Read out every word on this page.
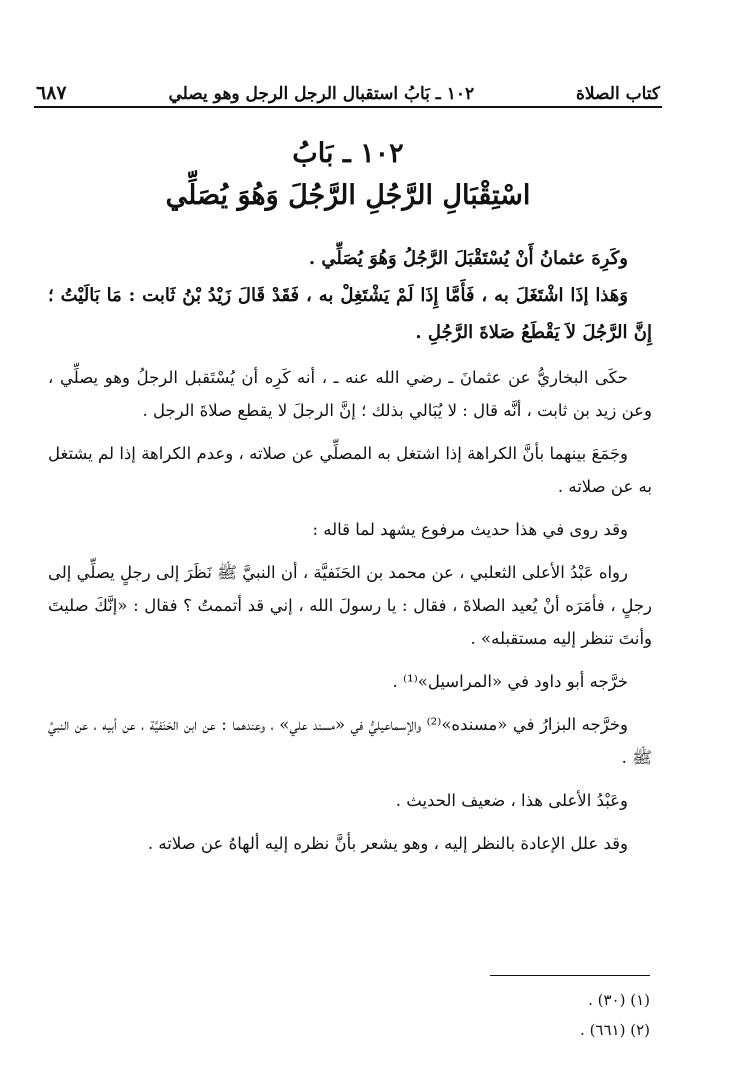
كتاب الصلاة
١٠٢ ـ بَابُ استقبال الرجل الرجل وهو يصلي
٦٨٧
١٠٢ ـ بَابُ
اسْتِقْبَالِ الرَّجُلِ الرَّجُلَ وَهُوَ يُصَلِّي

وكَرِهَ عثمانُ أَنْ يُسْتَقْبَلَ الرَّجُلُ وَهُوَ يُصَلِّي .

وَهَذا إذَا اشْتَغَلَ به ، فَأَمَّا إِذَا لَمْ يَشْتَغِلْ به ، فَقَدْ قَالَ زَيْدُ بْنُ ثَابت : مَا بَالَيْتُ ؛ إِنَّ الرَّجُلَ لاَ يَقْطَعُ صَلاةَ الرَّجُلِ .

حكَى البخاريُّ عن عثمانَ ـ رضي الله عنه ـ ، أنه كَرِه أن يُسْتَقبل الرجلُ وهو يصلِّي ، وعن زيد بن ثابت ، أنَّه قال : لا يُبَالي بذلك ؛ إنَّ الرجلَ لا يقطع صلاةَ الرجل .

وجَمَعَ بينهما بأنَّ الكراهة إذا اشتغل به المصلِّي عن صلاته ، وعدم الكراهة إذا لم يشتغل به عن صلاته .

وقد روى في هذا حديث مرفوع يشهد لما قاله :

رواه عَبْدُ الأعلى الثعلبي ، عن محمد بن الحَنَفيَّة ، أن النبيَّ ﷺ نَظَرَ إلى رجلٍ يصلِّي إلى رجلٍ ، فأمَرَه أنْ يُعيد الصلاةَ ، فقال : يا رسولَ الله ، إني قد أتممتُ ؟ فقال : «إنَّكَ صليتَ وأنتَ تنظر إليه مستقبله» .

خرَّجه أبو داود في «المراسيل»⁽¹⁾ .

وخرَّجه البزارُ في «مسنده»⁽²⁾ والإسماعيليُّ في «مسند علي» ، وعندهما : عن ابن الحَنَفيَّة ، عن أبيه ، عن النبيِّ ﷺ .

وعَبْدُ الأعلى هذا ، ضعيف الحديث .

وقد علل الإعادة بالنظر إليه ، وهو يشعر بأنَّ نظره إليه ألهاهُ عن صلاته .

(١) (٣٠) .

(٢) (٦٦١) .
